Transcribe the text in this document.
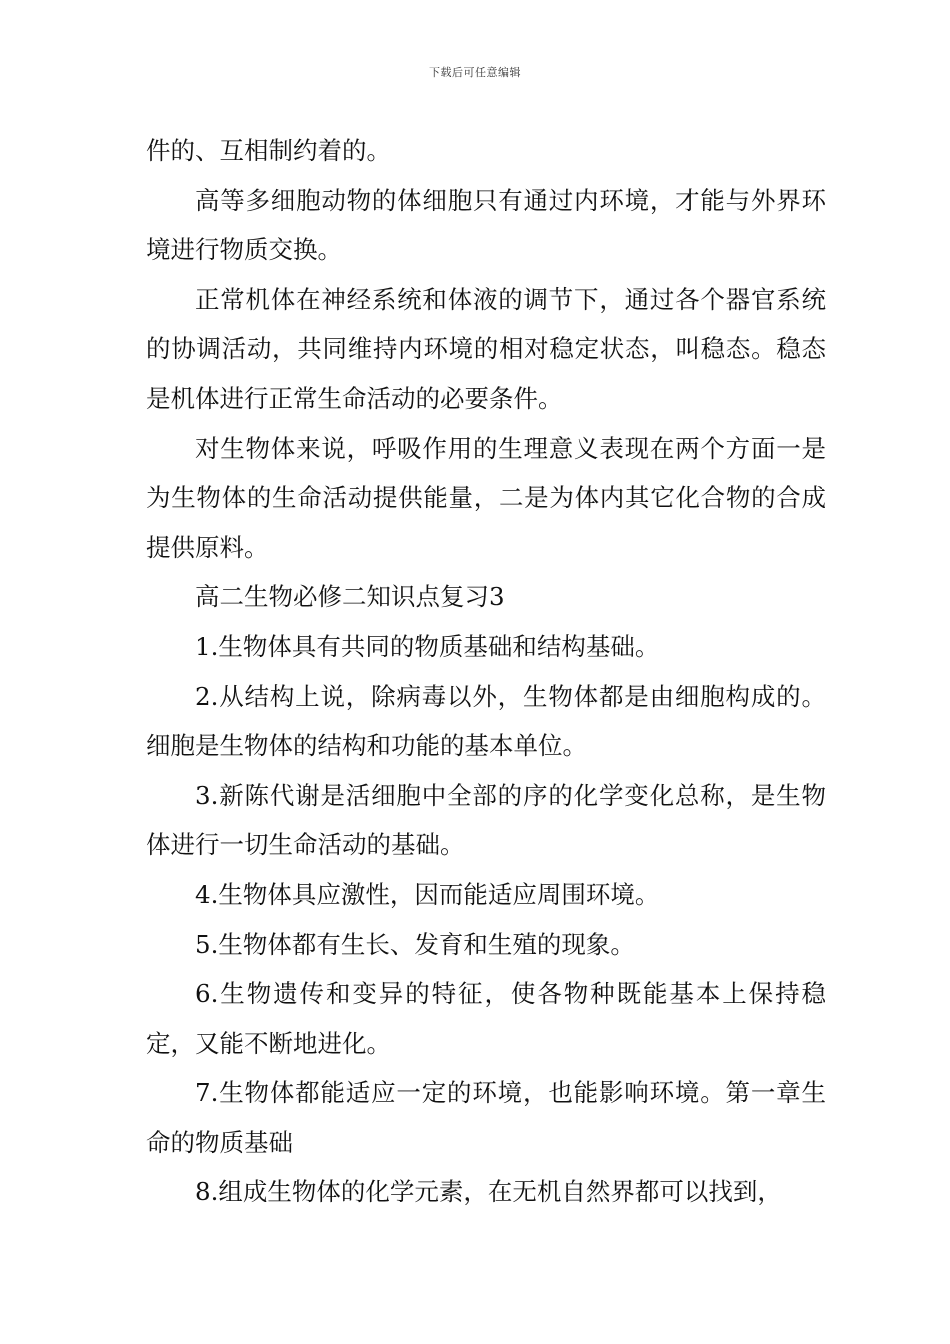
下载后可任意编辑

件的、互相制约着的。

高等多细胞动物的体细胞只有通过内环境，才能与外界环境进行物质交换。

正常机体在神经系统和体液的调节下，通过各个器官系统的协调活动，共同维持内环境的相对稳定状态，叫稳态。稳态是机体进行正常生命活动的必要条件。

对生物体来说，呼吸作用的生理意义表现在两个方面一是为生物体的生命活动提供能量，二是为体内其它化合物的合成提供原料。

高二生物必修二知识点复习3

1.生物体具有共同的物质基础和结构基础。

2.从结构上说，除病毒以外，生物体都是由细胞构成的。细胞是生物体的结构和功能的基本单位。

3.新陈代谢是活细胞中全部的序的化学变化总称，是生物体进行一切生命活动的基础。

4.生物体具应激性，因而能适应周围环境。

5.生物体都有生长、发育和生殖的现象。

6.生物遗传和变异的特征，使各物种既能基本上保持稳定，又能不断地进化。

7.生物体都能适应一定的环境，也能影响环境。第一章生命的物质基础

8.组成生物体的化学元素，在无机自然界都可以找到，
